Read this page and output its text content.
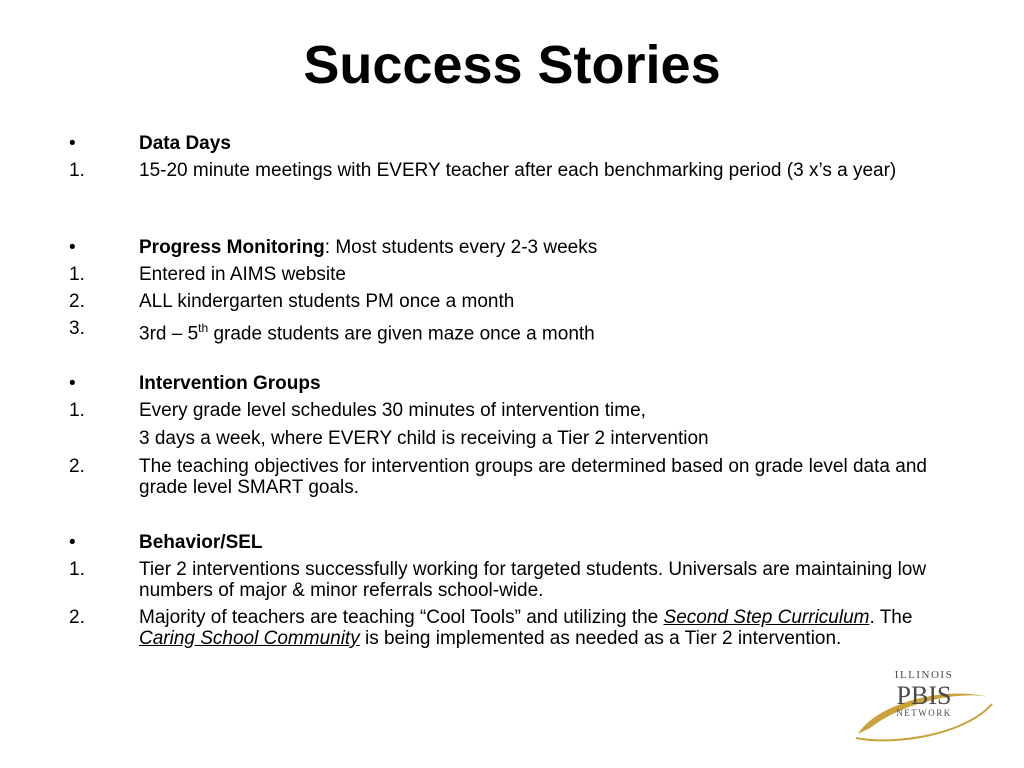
Success Stories
•	Data Days
1.	15-20 minute meetings with EVERY teacher after each benchmarking period (3 x’s a year)
•	Progress Monitoring: Most students every 2-3 weeks
1.	Entered in AIMS website
2.	ALL kindergarten students PM once a month
3.	3rd – 5th grade students are given maze once a month
•	Intervention Groups
1.	Every grade level schedules 30 minutes of intervention time,
3 days a week, where EVERY child is receiving a Tier 2 intervention
2.	The teaching objectives for intervention groups are determined based on grade level data and grade level SMART goals.
•	Behavior/SEL
1.	Tier 2 interventions successfully working for targeted students. Universals are maintaining low numbers of major & minor referrals school-wide.
2.	Majority of teachers are teaching “Cool Tools” and utilizing the Second Step Curriculum. The Caring School Community is being implemented as needed as a Tier 2 intervention.
ILLINOIS
PBIS
NETWORK
